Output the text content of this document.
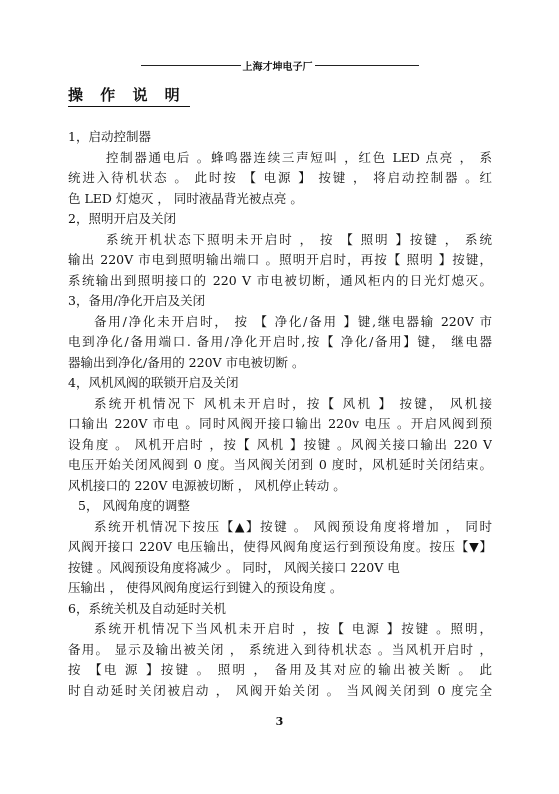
上海才坤电子厂
操 作 说 明
1，启动控制器
控制器通电后 。蜂鸣器连续三声短叫 ，红色 LED 点亮 ， 系
统进入待机状态 。 此时按 【 电源 】 按键 ， 将启动控制器 。红
色 LED 灯熄灭 ， 同时液晶背光被点亮 。
2，照明开启及关闭
系统开机状态下照明未开启时 ， 按 【 照明 】按键 ， 系统
输出 220V 市电到照明输出端口 。照明开启时，再按【 照明 】按键，
系统输出到照明接口的 220 V 市电被切断，通风柜内的日光灯熄灭。
3，备用/净化开启及关闭
备用/净化未开启时， 按 【 净化/备用 】键,继电器输 220V 市
电到净化/备用端口. 备用/净化开启时,按【 净化/备用】键， 继电器
器输出到净化/备用的 220V 市电被切断 。
4，风机风阀的联锁开启及关闭
系统开机情况下 风机未开启时，按【 风机 】 按键， 风机接
口输出 220V 市电 。同时风阀开接口输出 220v 电压 。开启风阀到预
设角度 。 风机开启时 ，按【 风机 】按键 。风阀关接口输出 220 V
电压开始关闭风阀到 0 度。当风阀关闭到 0 度时，风机延时关闭结束。
风机接口的 220V 电源被切断 ， 风机停止转动 。
5， 风阀角度的调整
系统开机情况下按压【▲】按键 。 风阀预设角度将增加 ， 同时
风阀开接口 220V 电压输出，使得风阀角度运行到预设角度。按压【▼】
按键 。风阀预设角度将减少 。 同时， 风阀关接口 220V 电
压输出 ， 使得风阀角度运行到键入的预设角度 。
6，系统关机及自动延时关机
系统开机情况下当风机未开启时 ，按【 电源 】按键 。照明，
备用。 显示及输出被关闭 ， 系统进入到待机状态 。当风机开启时 ，
按 【电 源 】按键 。 照明 ， 备用及其对应的输出被关断 。 此
时自动延时关闭被启动 ， 风阀开始关闭 。 当风阀关闭到 0 度完全
3
